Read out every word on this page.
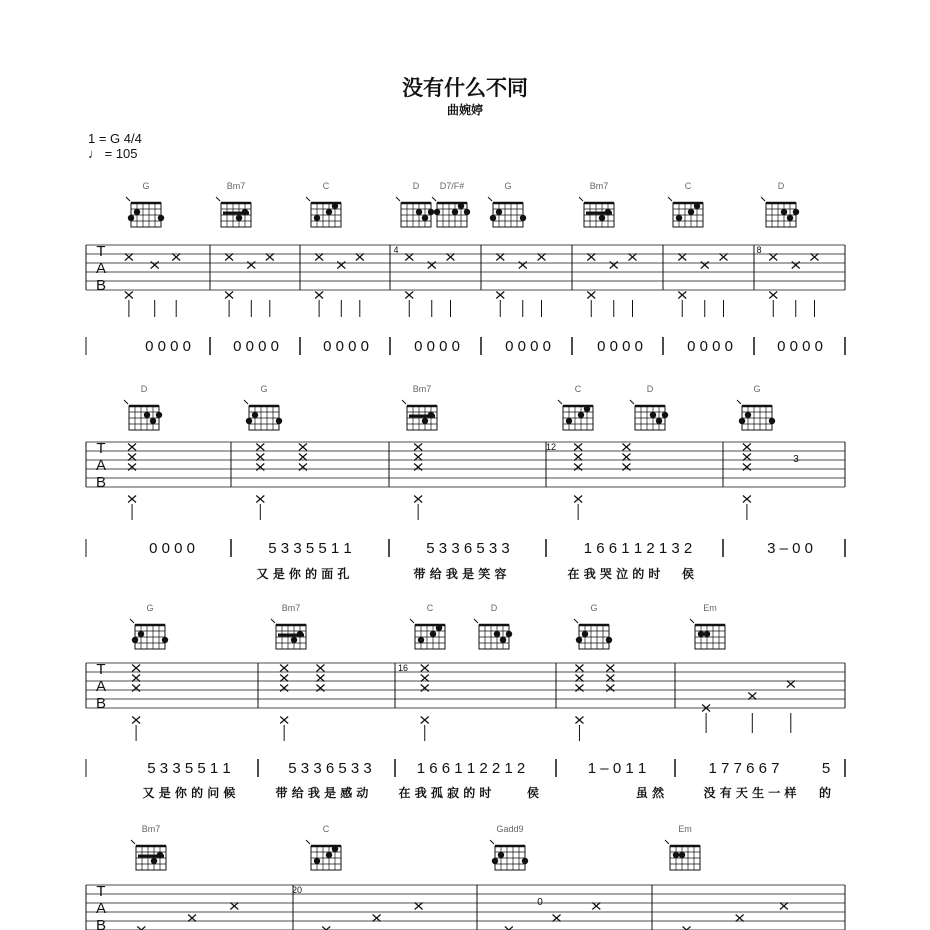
没有什么不同
曲婉婷
1 = G 4/4
♩ = 105
G	Bm7	C	D D7/F#	G	Bm7	C	D
T
A
B
4	8
0 0 0 0	0 0 0 0	0 0 0 0	0 0 0 0	0 0 0 0	0 0 0 0	0 0 0 0	0 0 0 0
D	G	Bm7	C	D	G
T
A
B
12
3
0 0 0 0	5 3 3 5 5 1 1	5 3 3 6 5 3 3	1 6 6 1 1 2 1 3 2	3 – 0 0
又 是 你 的 面 孔	带 给 我 是 笑 容	在 我 哭 泣 的 时 侯
G	Bm7	C	D	G	Em
T
A
B
16
5 3 3 5 5 1 1	5 3 3 6 5 3 3	1 6 6 1 1 2 2 1 2	1 – 0 1 1	1 7 7 6 6 7	5
又 是 你 的 问 候	带 给 我 是 感 动	在 我 孤 寂 的 时	侯	虽 然	没 有 天 生 一 样 的
Bm7	C	Gadd9	Em
T
A
B
20
0
